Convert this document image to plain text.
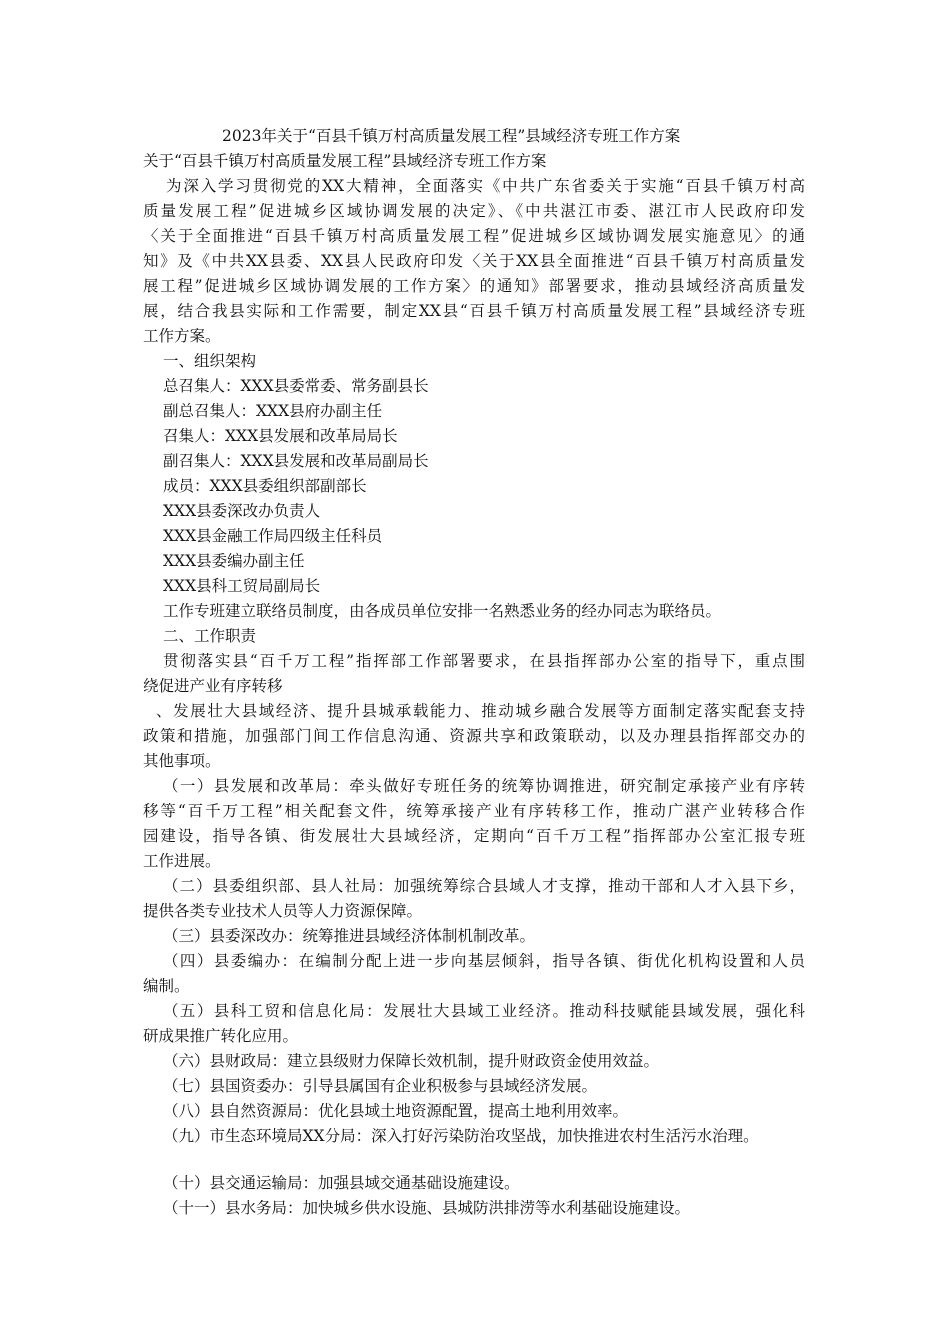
2023年关于“百县千镇万村高质量发展工程”县域经济专班工作方案
关于“百县千镇万村高质量发展工程”县域经济专班工作方案
为深入学习贯彻党的XX大精神，全面落实《中共广东省委关于实施“百县千镇万村高
质量发展工程”促进城乡区域协调发展的决定》、《中共湛江市委、湛江市人民政府印发
〈关于全面推进“百县千镇万村高质量发展工程”促进城乡区域协调发展实施意见〉的通
知》及《中共XX县委、XX县人民政府印发〈关于XX县全面推进“百县千镇万村高质量发
展工程”促进城乡区域协调发展的工作方案〉的通知》部署要求，推动县域经济高质量发
展，结合我县实际和工作需要，制定XX县“百县千镇万村高质量发展工程”县域经济专班
工作方案。
一、组织架构
总召集人：XXX县委常委、常务副县长
副总召集人：XXX县府办副主任
召集人：XXX县发展和改革局局长
副召集人：XXX县发展和改革局副局长
成员：XXX县委组织部副部长
XXX县委深改办负责人
XXX县金融工作局四级主任科员
XXX县委编办副主任
XXX县科工贸局副局长
工作专班建立联络员制度，由各成员单位安排一名熟悉业务的经办同志为联络员。
二、工作职责
贯彻落实县“百千万工程”指挥部工作部署要求，在县指挥部办公室的指导下，重点围
绕促进产业有序转移
、发展壮大县域经济、提升县城承载能力、推动城乡融合发展等方面制定落实配套支持
政策和措施，加强部门间工作信息沟通、资源共享和政策联动，以及办理县指挥部交办的
其他事项。
（一）县发展和改革局：牵头做好专班任务的统筹协调推进，研究制定承接产业有序转
移等“百千万工程”相关配套文件，统筹承接产业有序转移工作，推动广湛产业转移合作
园建设，指导各镇、街发展壮大县域经济，定期向“百千万工程”指挥部办公室汇报专班
工作进展。
（二）县委组织部、县人社局：加强统筹综合县域人才支撑，推动干部和人才入县下乡，
提供各类专业技术人员等人力资源保障。
（三）县委深改办：统筹推进县域经济体制机制改革。
（四）县委编办：在编制分配上进一步向基层倾斜，指导各镇、街优化机构设置和人员
编制。
（五）县科工贸和信息化局：发展壮大县域工业经济。推动科技赋能县域发展，强化科
研成果推广转化应用。
（六）县财政局：建立县级财力保障长效机制，提升财政资金使用效益。
（七）县国资委办：引导县属国有企业积极参与县域经济发展。
（八）县自然资源局：优化县域土地资源配置，提高土地利用效率。
（九）市生态环境局XX分局：深入打好污染防治攻坚战，加快推进农村生活污水治理。
（十）县交通运输局：加强县域交通基础设施建设。
（十一）县水务局：加快城乡供水设施、县城防洪排涝等水利基础设施建设。
